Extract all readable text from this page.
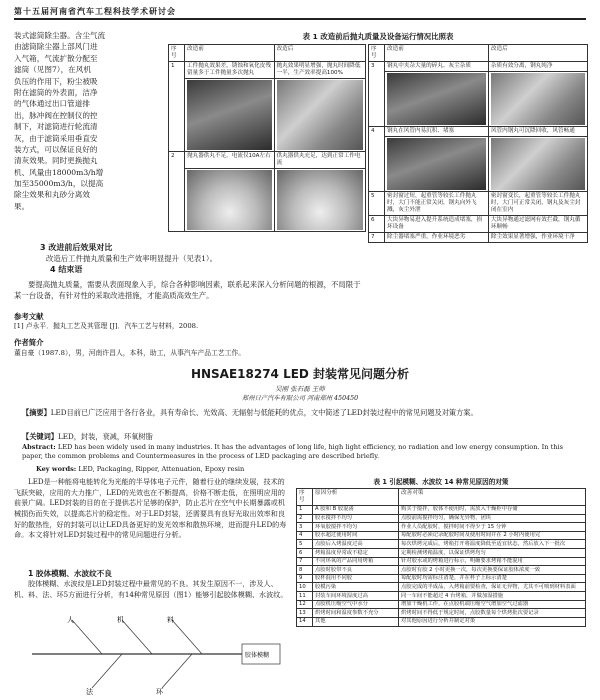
第十五届河南省汽车工程科技学术研讨会

装式滤筒除尘器。含尘气流

由滤筒除尘器上部风门进

入气箱，气流扩散分配至

滤筒（见图7），在风机

负压的作用下，粉尘被吸

附在滤筒的外表面，洁净

的气体通过出口管道排

出，脉冲阀在控制仪的控

制下，对滤筒进行轮流清

灰，由于滤筒采用垂直安

装方式，可以保证良好的

清灰效果。同时更换抛丸

机、风量由18000m3/h增

加至35000m3/h，以提高

除尘效果和丸砂分离效

果。

表 1 改造前后抛丸质量及设备运行情况比照表
序号	改造前	改造后
1	工件抛丸效果差，锈蚀和氧化皮残留量多于工件抛量多次抛丸	抛丸效果明显增强，抛丸时间降低一半，生产效率提高100%

2	抛丸器供丸不足，电流仅10A左右	供丸器供丸充足，达到正常工作电流

序号	改造前	改造后
3	钢丸中夹杂大量的碎丸、灰尘杂质	杂质有效分离，钢丸纯净

4	钢丸在风管内易沉积、堵塞	风管内钢丸可沉降回收，风管畅通

5	密封窗过短，起重管等较长工件抛丸时，大门不能正常关闭，钢丸向外飞溅，灰尘外泄	密封窗变长，起重管等较长工件抛丸时，大门可正常关闭，钢丸及灰尘封闭在室内
6	大块异物易进入提升系统造成堵塞，损坏设备	大块异物通过滤网有效拦截，钢丸循环顺畅
7	除尘器堵塞严重，作业环境恶劣	除尘效果显著增强，作业环境干净
3 改进前后效果对比
改造后工件抛丸质量和生产效率明显提升（见表1）。
4 结束语
要提高抛丸质量，需要从表面现象入手，综合各种影响因素，联系起来深入分析问题的根源，不局限于某一台设备，有针对性的采取改进措施，才能高质高效生产。
参考文献
[1] 卢永平．抛丸工艺及其管理 [J]．汽车工艺与材料，2008.
HNSAE18274 LED 封装常见问题分析
吴刚 张石磊 王帅
郑州日产汽车有限公司 河南郑州 450450
作者简介
董自豪（1987.8），男，河南许昌人，本科，助工，从事汽车产品工艺工作。
【摘要】LED目前已广泛应用于各行各业，具有寿命长、光效高、无辐射与低能耗的优点，文中简述了LED封装过程中的常见问题及对策方案。
【关键词】LED，封装，衰减，环氧树脂
Abstract: LED has been widely used in many industries. It has the advantages of long life, high light efficiency, no radiation and low energy consumption. In this paper, the common problems and Countermeasures in the process of LED packaging are described briefly.
Key words: LED, Packaging, Ripper, Attenuation, Epoxy resin
LED是一种能将电能转化为光能的半导体电子元件，随着行业的继续发展，技术的飞跃突破，应用的大力推广，LED的光效也在不断提高，价格不断走低，在照明应用的前景广阔。LED封装的目的在于提供芯片足够的保护，防止芯片在空气中长期暴露或机械损伤而失效，以提高芯片的稳定性。对于LED封装，还需要具有良好光取出效率和良好的散热性，好的封装可以让LED具备更好的发光效率和散热环境，进而提升LED的寿命。本文将针对LED封装过程中的常见问题进行分析。
1 胶体模糊、水波纹不良
胶体模糊、水波纹是LED封装过程中最常见的不良。其发生原因不一，涉及人、机、料、法、环5方面进行分析，有14种常见原因（图1）能够引起胶体模糊、水波纹。
人	机	料
法	环
胶体模糊
表 1 引起模糊、水波纹 14 种常见原因的对策
序号	原因分析	改善对策
1	A 胶和 B 胶混淆	购买于搅拌，胶体不使用时，需放入干燥柜中存储
2	胶水搅拌不均匀	点胶前需搅拌均匀，确保无异物、团块
3	环氧胶搅拌不均匀	作业人员配胶时，搅拌时间不得少于 15 分钟
4	胶水超过使用时间	每配胶时必须记录配胶时间及使用时间并在 2 小时内使用完
5	点胶后入烤温度过高	每次烘烤完成后，烤箱打开将温度降低至适宜状态，然后放入下一批次
6	烤箱温度异常或不稳定	定期检测烤箱温度，以保证烘烤均匀
7	不同环氧的产品同用烤箱	针对胶水或的烤箱进行标示，明确要求烤箱不能混用
8	点胶时胶带不良	点胶时有胶 2 小时更换一次，每次更换要保证胶体浓度一致
9	胶杯混用不同胶	每配胶时均需标注清楚，并在杯子上标示清楚
10	胶模污染	点胶完成的半成品，入烤箱前要检查，保证无异物，尤其不可喷到材料表面
11	封装车间环境湿度过高	同一车间不能超过 4 台烤箱，并做加湿措施
12	点胶机压缩空气中水分	增加干燥机工作，在点胶机端压缩空气增加空气过滤器
13	烘烤时间和温度参数不充分	烘烤时间不得低于规定时间，点胶数量每个烘烤批次要记录
14	其他	对其他原因进行分析并制定对策
